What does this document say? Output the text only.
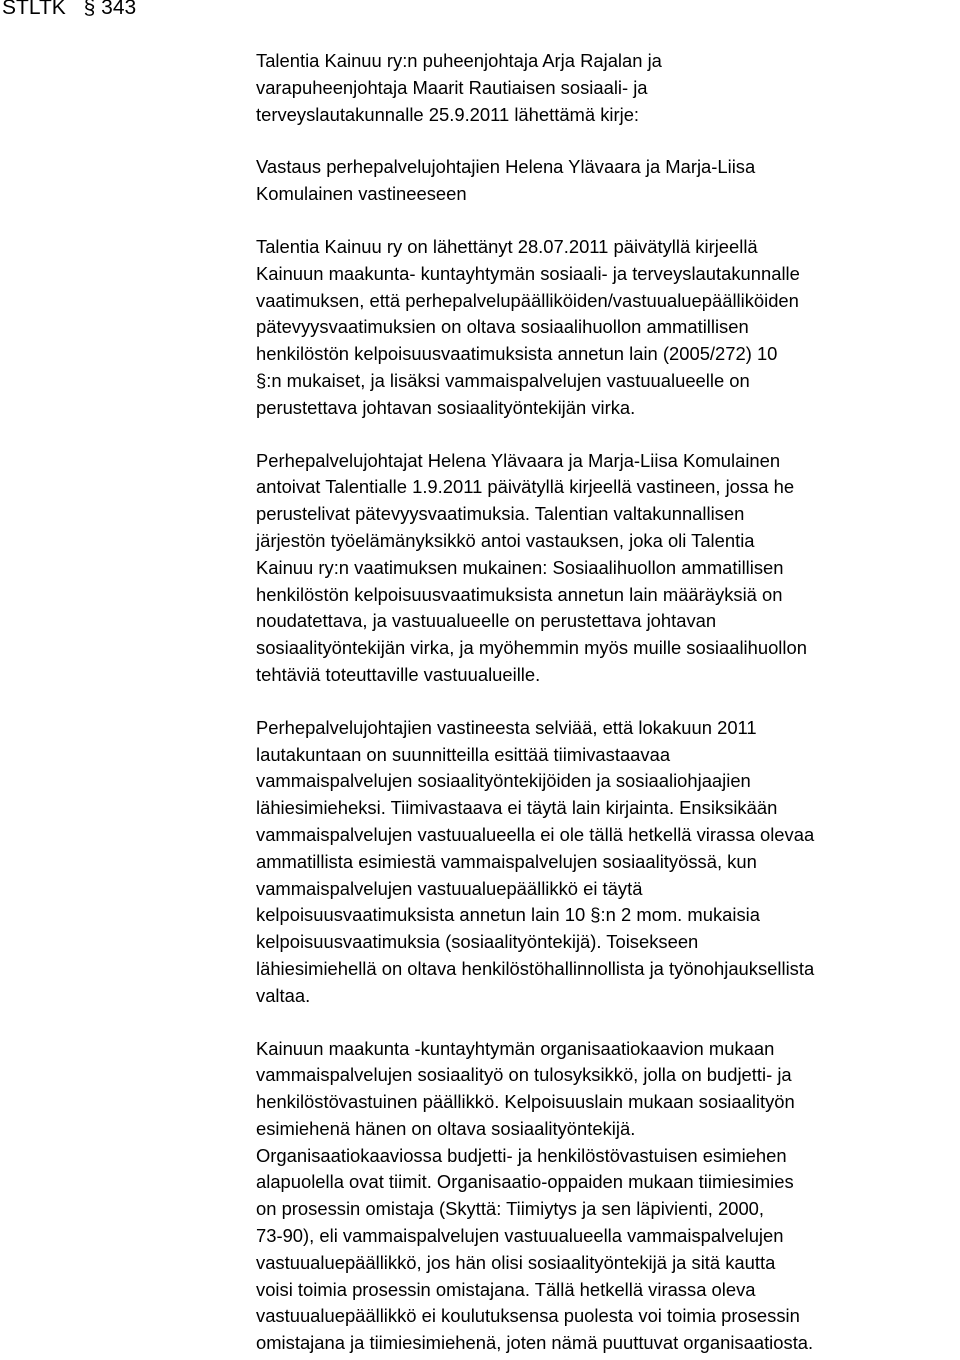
STLTK § 343
Talentia Kainuu ry:n puheenjohtaja Arja Rajalan ja
varapuheenjohtaja Maarit Rautiaisen sosiaali- ja
terveyslautakunnalle 25.9.2011 lähettämä kirje:
Vastaus perhepalvelujohtajien Helena Ylävaara ja Marja-Liisa
Komulainen vastineeseen
Talentia Kainuu ry on lähettänyt 28.07.2011 päivätyllä kirjeellä
Kainuun maakunta- kuntayhtymän sosiaali- ja terveyslautakunnalle
vaatimuksen, että perhepalvelupäälliköiden/vastuualuepäälliköiden
pätevyysvaatimuksien on oltava sosiaalihuollon ammatillisen
henkilöstön kelpoisuusvaatimuksista annetun lain (2005/272) 10
§:n mukaiset, ja lisäksi vammaispalvelujen vastuualueelle on
perustettava johtavan sosiaalityöntekijän virka.
Perhepalvelujohtajat Helena Ylävaara ja Marja-Liisa Komulainen
antoivat Talentialle 1.9.2011 päivätyllä kirjeellä vastineen, jossa he
perustelivat pätevyysvaatimuksia. Talentian valtakunnallisen
järjestön työelämänyksikkö antoi vastauksen, joka oli Talentia
Kainuu ry:n vaatimuksen mukainen: Sosiaalihuollon ammatillisen
henkilöstön kelpoisuusvaatimuksista annetun lain määräyksiä on
noudatettava, ja vastuualueelle on perustettava johtavan
sosiaalityöntekijän virka, ja myöhemmin myös muille sosiaalihuollon
tehtäviä toteuttaville vastuualueille.
Perhepalvelujohtajien vastineesta selviää, että lokakuun 2011
lautakuntaan on suunnitteilla esittää tiimivastaavaa
vammaispalvelujen sosiaalityöntekijöiden ja sosiaaliohjaajien
lähiesimieheksi. Tiimivastaava ei täytä lain kirjainta. Ensiksikään
vammaispalvelujen vastuualueella ei ole tällä hetkellä virassa olevaa
ammatillista esimiestä vammaispalvelujen sosiaalityössä, kun
vammaispalvelujen vastuualuepäällikkö ei täytä
kelpoisuusvaatimuksista annetun lain 10 §:n 2 mom. mukaisia
kelpoisuusvaatimuksia (sosiaalityöntekijä). Toisekseen
lähiesimiehellä on oltava henkilöstöhallinnollista ja työnohjauksellista
valtaa.
Kainuun maakunta -kuntayhtymän organisaatiokaavion mukaan
vammaispalvelujen sosiaalityö on tulosyksikkö, jolla on budjetti- ja
henkilöstövastuinen päällikkö. Kelpoisuuslain mukaan sosiaalityön
esimiehenä hänen on oltava sosiaalityöntekijä.
Organisaatiokaaviossa budjetti- ja henkilöstövastuisen esimiehen
alapuolella ovat tiimit. Organisaatio-oppaiden mukaan tiimiesimies
on prosessin omistaja (Skyttä: Tiimiytys ja sen läpivienti, 2000,
73-90), eli vammaispalvelujen vastuualueella vammaispalvelujen
vastuualuepäällikkö, jos hän olisi sosiaalityöntekijä ja sitä kautta
voisi toimia prosessin omistajana. Tällä hetkellä virassa oleva
vastuualuepäällikkö ei koulutuksensa puolesta voi toimia prosessin
omistajana ja tiimiesimiehenä, joten nämä puuttuvat organisaatiosta.
